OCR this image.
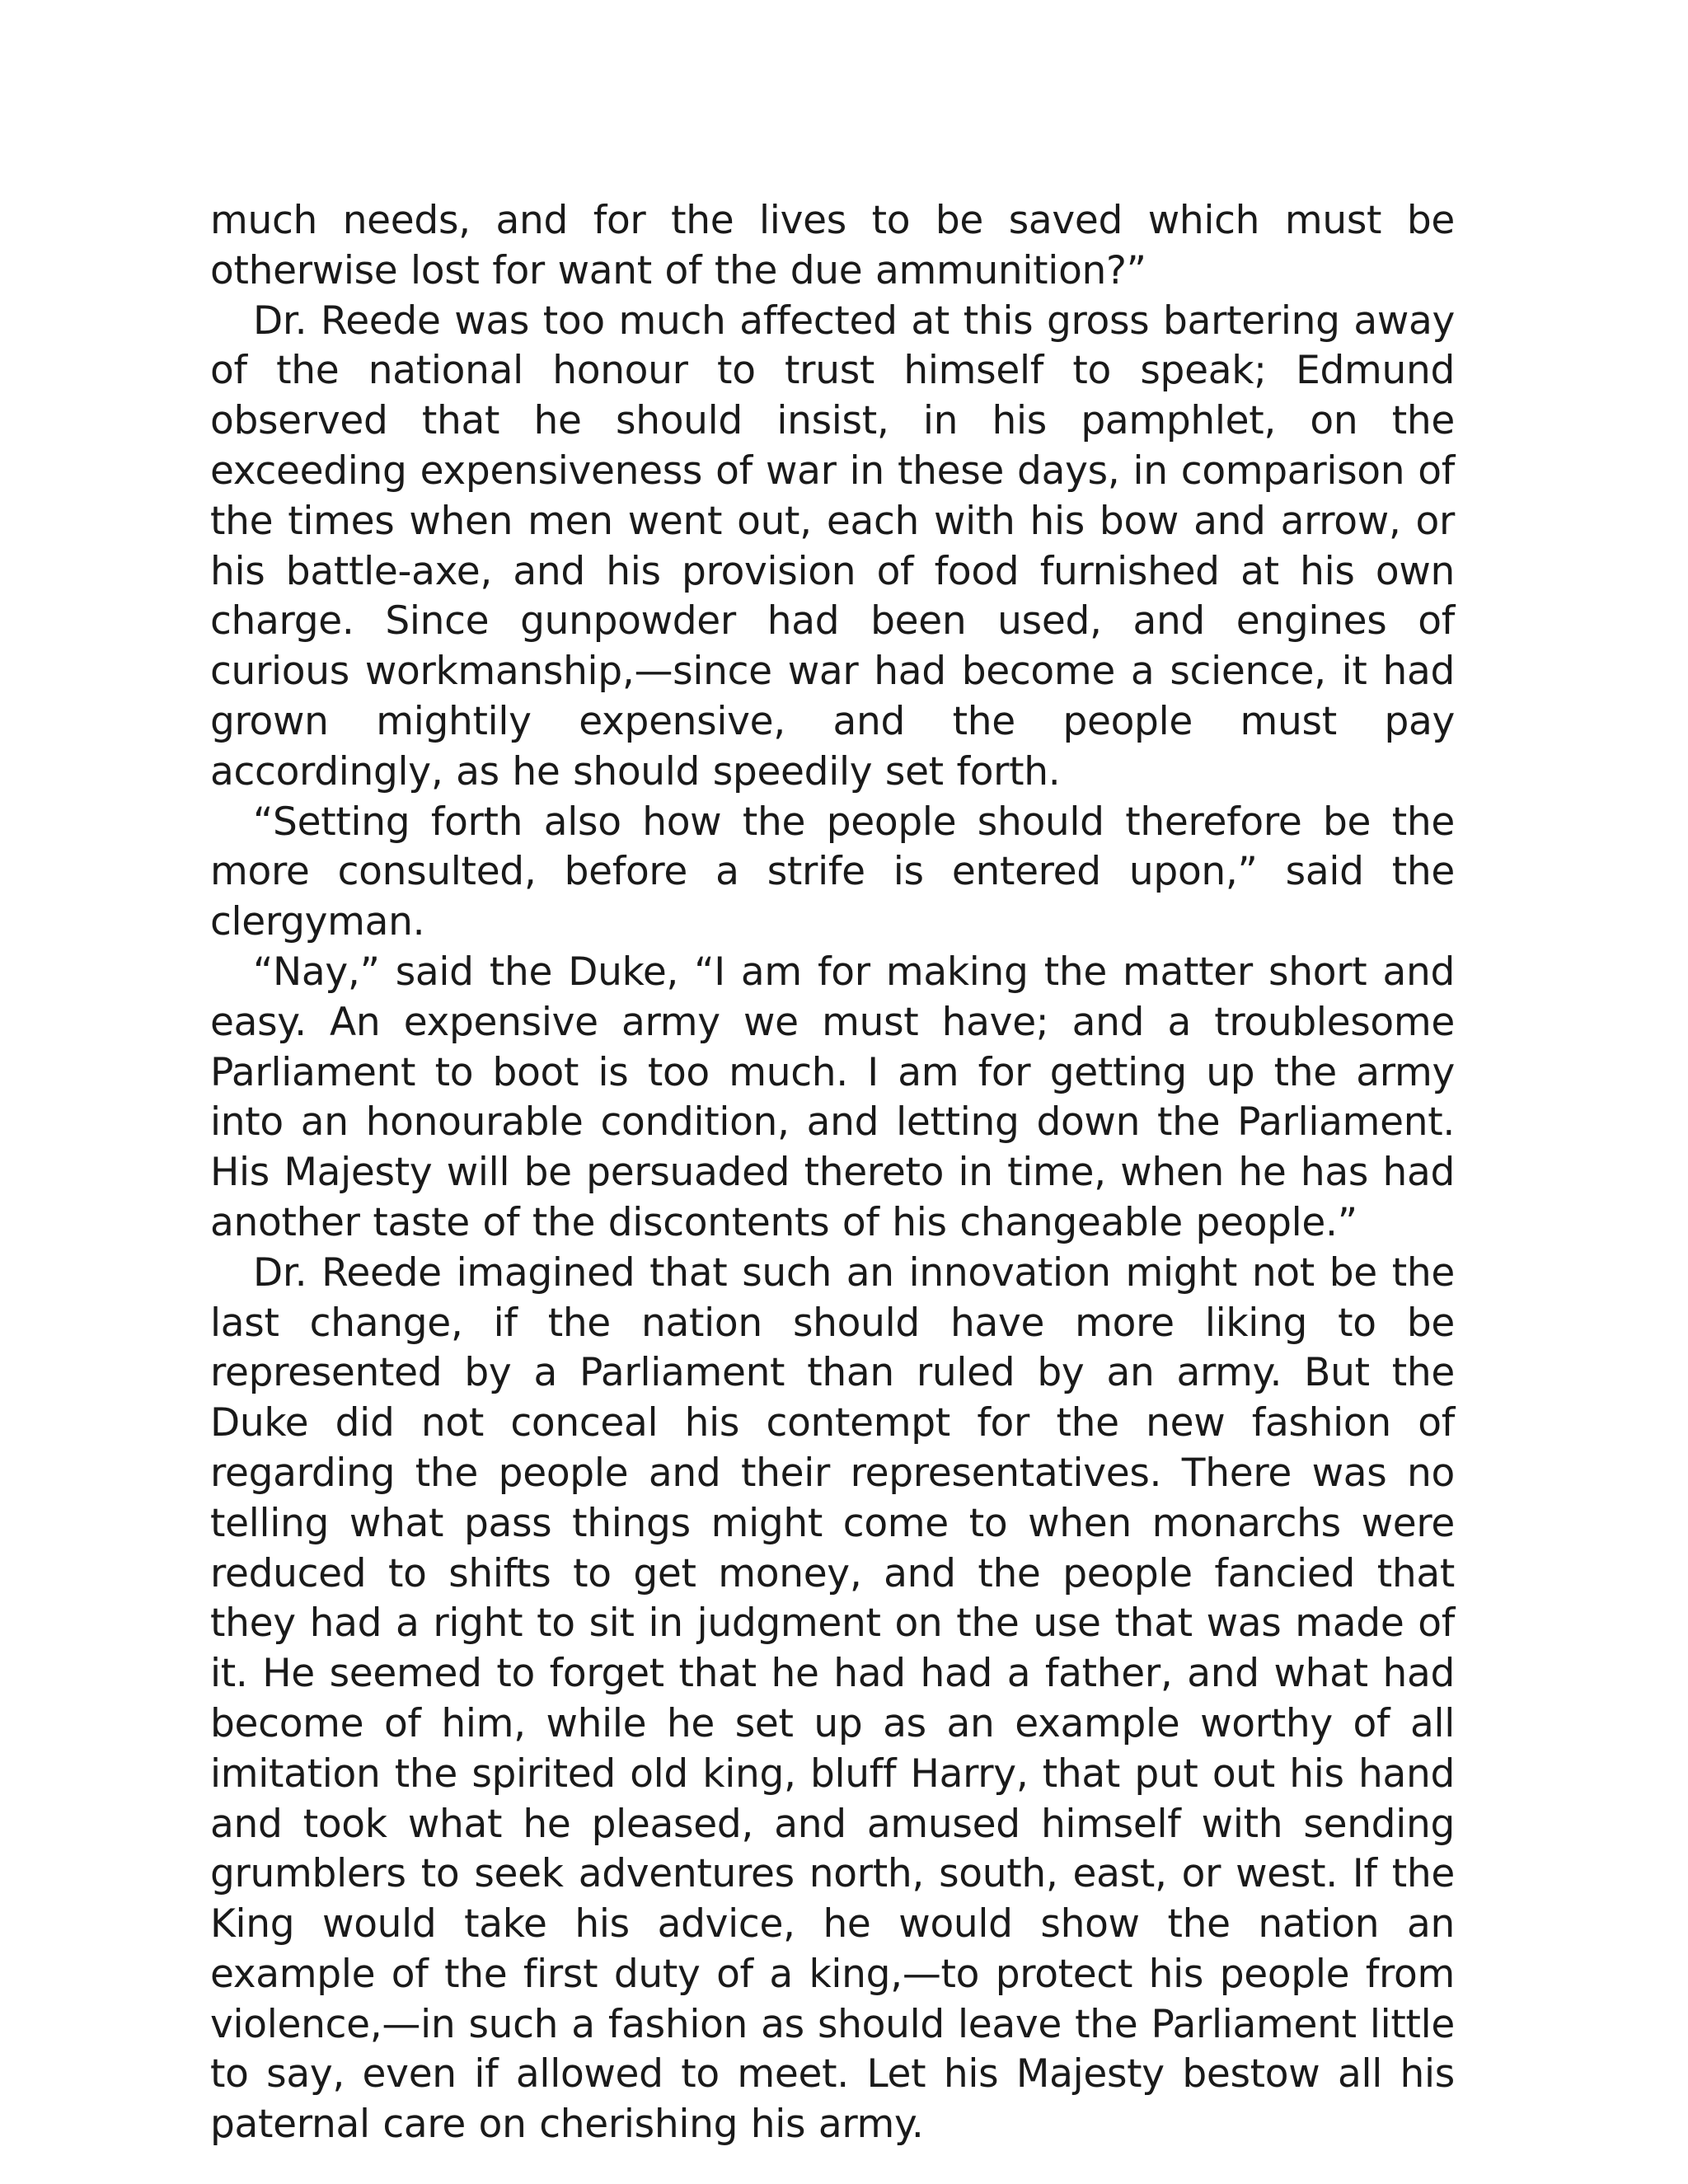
much needs, and for the lives to be saved which must be otherwise lost for want of the due ammunition?”

Dr. Reede was too much affected at this gross bartering away of the national honour to trust himself to speak; Edmund observed that he should insist, in his pamphlet, on the exceeding expensiveness of war in these days, in comparison of the times when men went out, each with his bow and arrow, or his battle-axe, and his provision of food furnished at his own charge. Since gunpowder had been used, and engines of curious workmanship,—since war had become a science, it had grown mightily expensive, and the people must pay accordingly, as he should speedily set forth.

“Setting forth also how the people should therefore be the more consulted, before a strife is entered upon,” said the clergyman.

“Nay,” said the Duke, “I am for making the matter short and easy. An expensive army we must have; and a troublesome Parliament to boot is too much. I am for getting up the army into an honourable condition, and letting down the Parliament. His Majesty will be persuaded thereto in time, when he has had another taste of the discontents of his changeable people.”

Dr. Reede imagined that such an innovation might not be the last change, if the nation should have more liking to be represented by a Parliament than ruled by an army. But the Duke did not conceal his contempt for the new fashion of regarding the people and their representatives. There was no telling what pass things might come to when monarchs were reduced to shifts to get money, and the people fancied that they had a right to sit in judgment on the use that was made of it. He seemed to forget that he had had a father, and what had become of him, while he set up as an example worthy of all imitation the spirited old king, bluff Harry, that put out his hand and took what he pleased, and amused himself with sending grumblers to seek adventures north, south, east, or west. If the King would take his advice, he would show the nation an example of the first duty of a king,—to protect his people from violence,—in such a fashion as should leave the Parliament little to say, even if allowed to meet. Let his Majesty bestow all his paternal care on cherishing his army.
